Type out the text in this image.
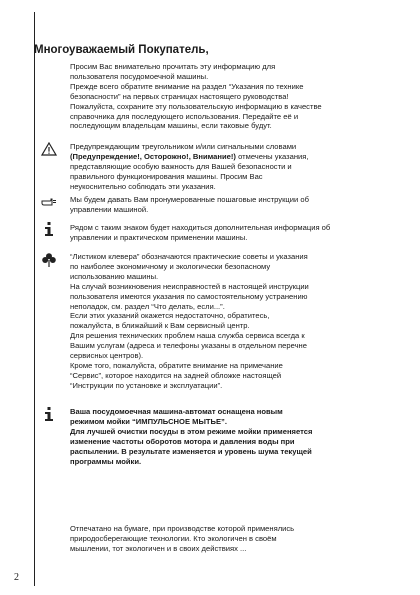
Многоуважаемый Покупатель,

Просим Вас внимательно прочитать эту информацию для

пользователя посудомоечной машины.

Прежде всего обратите внимание на раздел “Указания по технике

безопасности” на первых страницах настоящего руководства!

Пожалуйста, сохраните эту пользовательскую информацию в качестве

справочника для последующего использования. Передайте её и

последующим владельцам машины, если таковые будут.

Предупреждающим треугольником и/или сигнальными словами

(Предупреждение!, Осторожно!, Внимание!) отмечены указания,

представляющие особую важность для Вашей безопасности и

правильного функционирования машины. Просим Вас

неукоснительно соблюдать эти указания.

Мы будем давать Вам пронумерованные пошаговые инструкции об

управлении машиной.

Рядом с таким знаком будет находиться дополнительная информация об

управлении и практическом применении машины.

“Листиком клевера” обозначаются практические советы и указания

по наиболее экономичному и экологически безопасному

использованию машины.

На случай возникновения неисправностей в настоящей инструкции

пользователя имеются указания по самостоятельному устранению

неполадок, см. раздел “Что делать, если...”.

Если этих указаний окажется недостаточно, обратитесь,

пожалуйста, в ближайший к Вам сервисный центр.

Для решения технических проблем наша служба сервиса всегда к

Вашим услугам (адреса и телефоны указаны в отдельном перечне

сервисных центров).

Кроме того, пожалуйста, обратите внимание на примечание

“Сервис”, которое находится на задней обложке настоящей

“Инструкции по установке и эксплуатации”.

Ваша посудомоечная машина-автомат оснащена новым

режимом мойки “ИМПУЛЬСНОЕ МЫТЬЕ”.

Для лучшей очистки посуды в этом режиме мойки применяется

изменение частоты оборотов мотора и давления воды при

распылении. В результате изменяется и уровень шума текущей

программы мойки.

Отпечатано на бумаге, при производстве которой применялись

природосберегающие технологии. Кто экологичен в своём

мышлении, тот экологичен и в своих действиях ...

2
